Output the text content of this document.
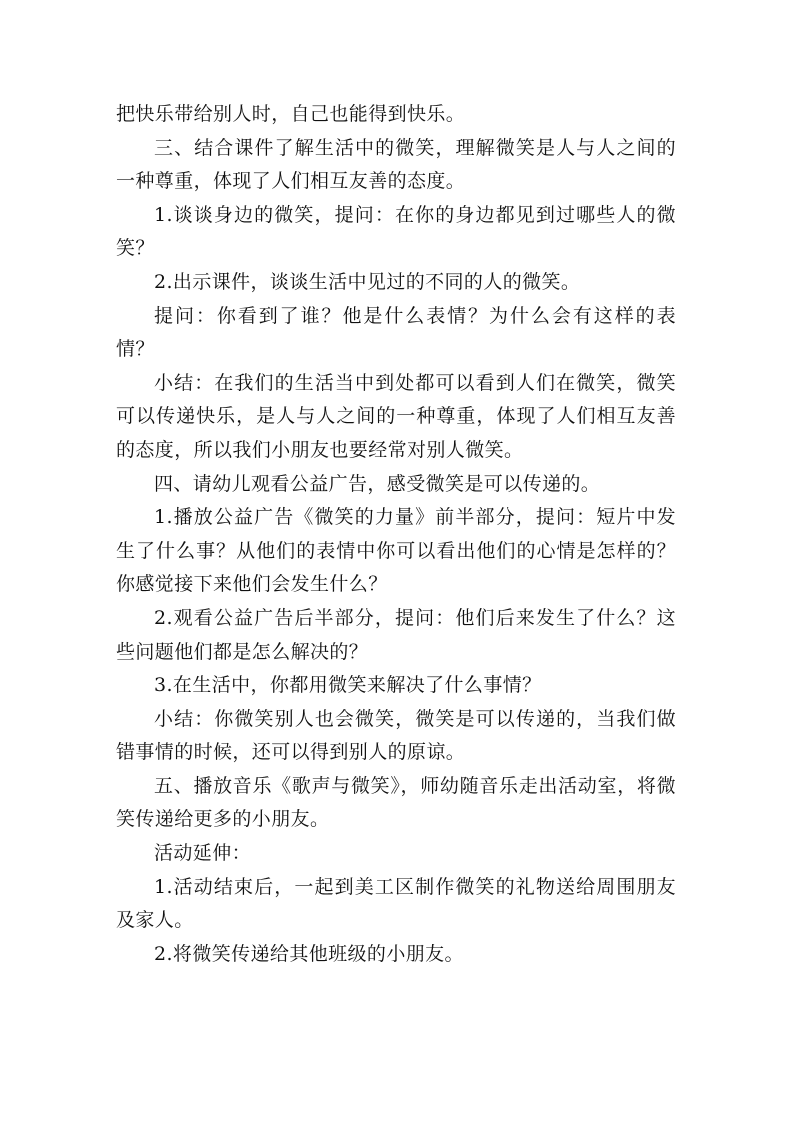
把快乐带给别人时，自己也能得到快乐。

三、结合课件了解生活中的微笑，理解微笑是人与人之间的一种尊重，体现了人们相互友善的态度。

1.谈谈身边的微笑，提问：在你的身边都见到过哪些人的微笑？

2.出示课件，谈谈生活中见过的不同的人的微笑。

提问：你看到了谁？他是什么表情？为什么会有这样的表情？

小结：在我们的生活当中到处都可以看到人们在微笑，微笑可以传递快乐，是人与人之间的一种尊重，体现了人们相互友善的态度，所以我们小朋友也要经常对别人微笑。

四、请幼儿观看公益广告，感受微笑是可以传递的。

1.播放公益广告《微笑的力量》前半部分，提问：短片中发生了什么事？从他们的表情中你可以看出他们的心情是怎样的？你感觉接下来他们会发生什么？

2.观看公益广告后半部分，提问：他们后来发生了什么？这些问题他们都是怎么解决的？

3.在生活中，你都用微笑来解决了什么事情？

小结：你微笑别人也会微笑，微笑是可以传递的，当我们做错事情的时候，还可以得到别人的原谅。

五、播放音乐《歌声与微笑》，师幼随音乐走出活动室，将微笑传递给更多的小朋友。

活动延伸：

1.活动结束后，一起到美工区制作微笑的礼物送给周围朋友及家人。

2.将微笑传递给其他班级的小朋友。
